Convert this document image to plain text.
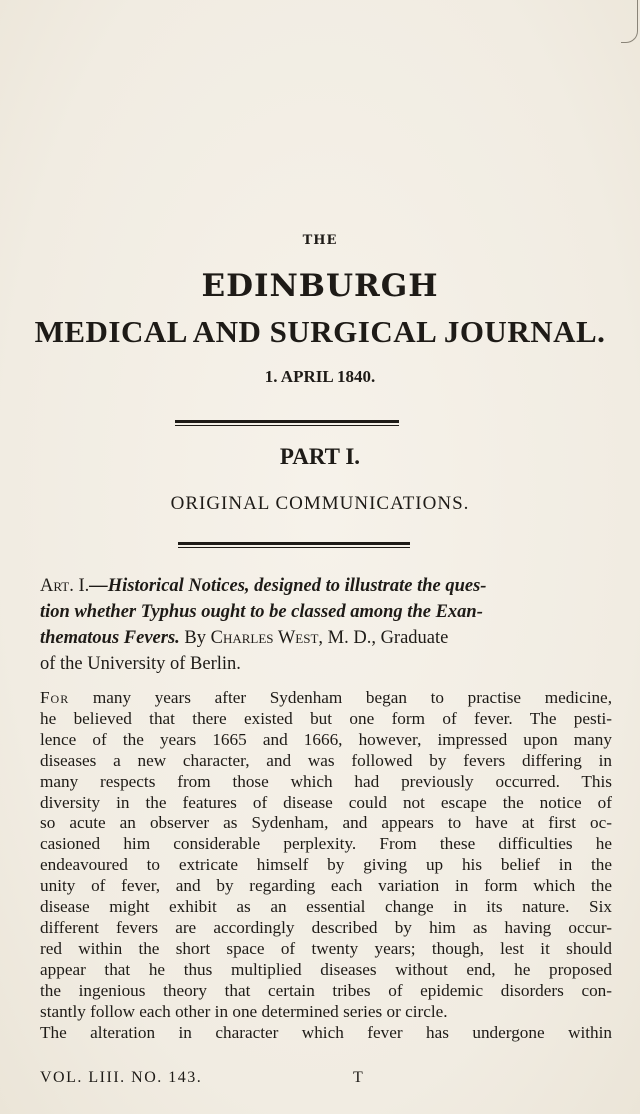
THE
EDINBURGH
MEDICAL AND SURGICAL JOURNAL.
1. APRIL 1840.
PART I.
ORIGINAL COMMUNICATIONS.
Art. I.—Historical Notices, designed to illustrate the ques-
tion whether Typhus ought to be classed among the Exan-
thematous Fevers. By Charles West, M. D., Graduate
of the University of Berlin.
For many years after Sydenham began to practise medicine,
he believed that there existed but one form of fever. The pesti-
lence of the years 1665 and 1666, however, impressed upon many
diseases a new character, and was followed by fevers differing in
many respects from those which had previously occurred. This
diversity in the features of disease could not escape the notice of
so acute an observer as Sydenham, and appears to have at first oc-
casioned him considerable perplexity. From these difficulties he
endeavoured to extricate himself by giving up his belief in the
unity of fever, and by regarding each variation in form which the
disease might exhibit as an essential change in its nature. Six
different fevers are accordingly described by him as having occur-
red within the short space of twenty years; though, lest it should
appear that he thus multiplied diseases without end, he proposed
the ingenious theory that certain tribes of epidemic disorders con-
stantly follow each other in one determined series or circle.
The alteration in character which fever has undergone within
VOL. LIII. NO. 143.	T
